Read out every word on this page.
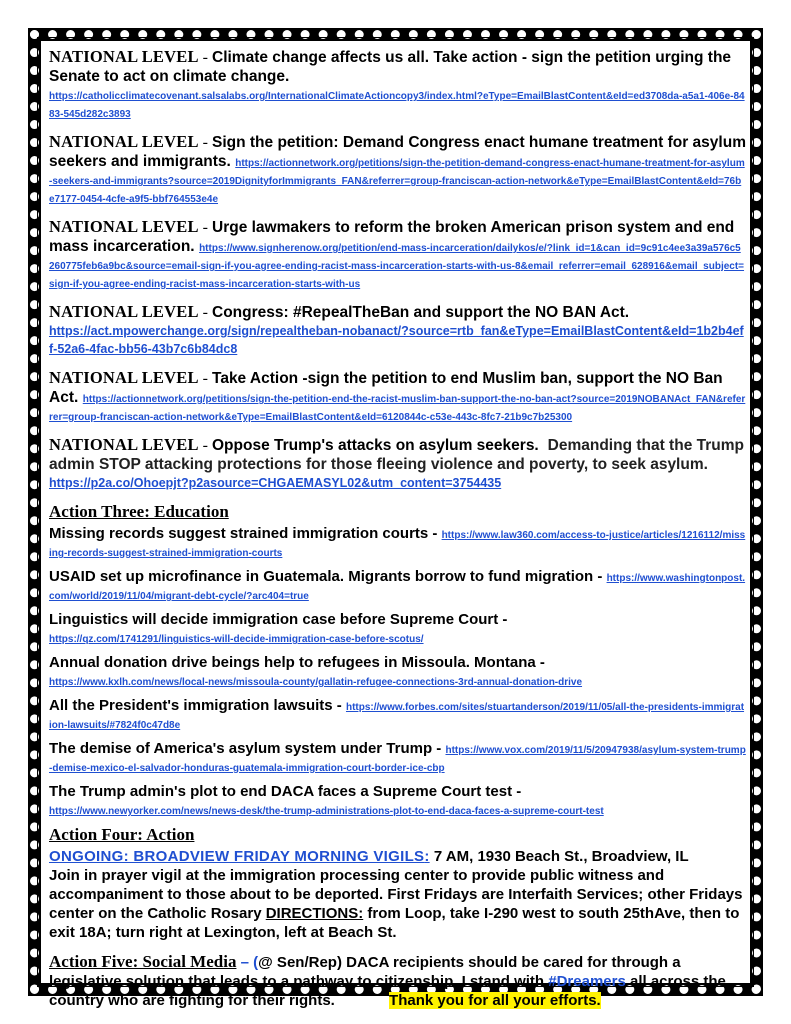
NATIONAL LEVEL - Climate change affects us all. Take action - sign the petition urging the Senate to act on climate change.
https://catholicclimatecovenant.salsalabs.org/InternationalClimateActioncopy3/index.html?eType=EmailBlastContent&eId=ed3708da-a5a1-406e-8483-545d282c3893
NATIONAL LEVEL - Sign the petition: Demand Congress enact humane treatment for asylum seekers and immigrants. https://actionnetwork.org/petitions/sign-the-petition-demand-congress-enact-humane-treatment-for-asylum-seekers-and-immigrants?source=2019DignityforImmigrants_FAN&referrer=group-franciscan-action-network&eType=EmailBlastContent&eId=76be7177-0454-4cfe-a9f5-bbf764553e4e
NATIONAL LEVEL - Urge lawmakers to reform the broken American prison system and end mass incarceration. https://www.signherenow.org/petition/end-mass-incarceration/dailykos/e/?link_id=1&can_id=9c91c4ee3a39a576c5260775feb6a9bc&source=email-sign-if-you-agree-ending-racist-mass-incarceration-starts-with-us-8&email_referrer=email_628916&email_subject=sign-if-you-agree-ending-racist-mass-incarceration-starts-with-us
NATIONAL LEVEL - Congress: #RepealTheBan and support the NO BAN Act.
https://act.mpowerchange.org/sign/repealtheban-nobanact/?source=rtb_fan&eType=EmailBlastContent&eId=1b2b4eff-52a6-4fac-bb56-43b7c6b84dc8
NATIONAL LEVEL - Take Action -sign the petition to end Muslim ban, support the NO Ban Act. https://actionnetwork.org/petitions/sign-the-petition-end-the-racist-muslim-ban-support-the-no-ban-act?source=2019NOBANAct_FAN&referrer=group-franciscan-action-network&eType=EmailBlastContent&eId=6120844c-c53e-443c-8fc7-21b9c7b25300
NATIONAL LEVEL - Oppose Trump's attacks on asylum seekers. Demanding that the Trump admin STOP attacking protections for those fleeing violence and poverty, to seek asylum.
https://p2a.co/Ohoepjt?p2asource=CHGAEMASYL02&utm_content=3754435
Action Three: Education
Missing records suggest strained immigration courts - https://www.law360.com/access-to-justice/articles/1216112/missing-records-suggest-strained-immigration-courts
USAID set up microfinance in Guatemala. Migrants borrow to fund migration - https://www.washingtonpost.com/world/2019/11/04/migrant-debt-cycle/?arc404=true
Linguistics will decide immigration case before Supreme Court -
https://qz.com/1741291/linguistics-will-decide-immigration-case-before-scotus/
Annual donation drive beings help to refugees in Missoula. Montana -
https://www.kxlh.com/news/local-news/missoula-county/gallatin-refugee-connections-3rd-annual-donation-drive
All the President's immigration lawsuits - https://www.forbes.com/sites/stuartanderson/2019/11/05/all-the-presidents-immigration-lawsuits/#7824f0c47d8e
The demise of America's asylum system under Trump - https://www.vox.com/2019/11/5/20947938/asylum-system-trump-demise-mexico-el-salvador-honduras-guatemala-immigration-court-border-ice-cbp
The Trump admin's plot to end DACA faces a Supreme Court test -
https://www.newyorker.com/news/news-desk/the-trump-administrations-plot-to-end-daca-faces-a-supreme-court-test
Action Four: Action
ONGOING: BROADVIEW FRIDAY MORNING VIGILS: 7 AM, 1930 Beach St., Broadview, IL
Join in prayer vigil at the immigration processing center to provide public witness and accompaniment to those about to be deported. First Fridays are Interfaith Services; other Fridays center on the Catholic Rosary DIRECTIONS: from Loop, take I-290 west to south 25thAve, then to exit 18A; turn right at Lexington, left at Beach St.
Action Five: Social Media – (@ Sen/Rep) DACA recipients should be cared for through a legislative solution that leads to a pathway to citizenship. I stand with #Dreamers all across the country who are fighting for their rights.	Thank you for all your efforts.
